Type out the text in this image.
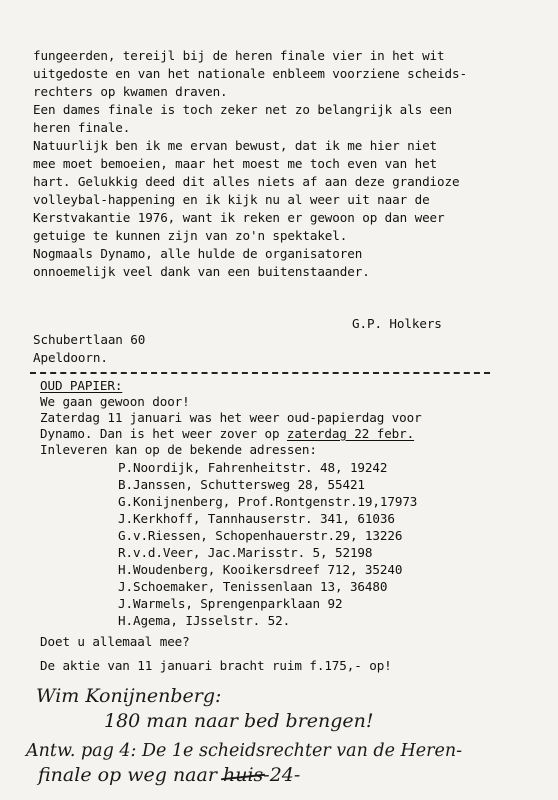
fungeerden, tereijl bij de heren finale vier in het wit
uitgedoste en van het nationale enbleem voorziene scheids-
rechters op kwamen draven.
Een dames finale is toch zeker net zo belangrijk als een
heren finale.
Natuurlijk ben ik me ervan bewust, dat ik me hier niet
mee moet bemoeien, maar het moest me toch even van het
hart. Gelukkig deed dit alles niets af aan deze grandioze
volleybal-happening en ik kijk nu al weer uit naar de
Kerstvakantie 1976, want ik reken er gewoon op dan weer
getuige te kunnen zijn van zo'n spektakel.
Nogmaals Dynamo, alle hulde de organisatoren
onnoemelijk veel dank van een buitenstaander.
G.P. Holkers
Schubertlaan 60
Apeldoorn.
OUD PAPIER:
We gaan gewoon door!
Zaterdag 11 januari was het weer oud-papierdag voor
Dynamo. Dan is het weer zover op zaterdag 22 febr.
Inleveren kan op de bekende adressen:
P.Noordijk, Fahrenheitstr. 48, 19242
B.Janssen, Schuttersweg 28, 55421
G.Konijnenberg, Prof.Rontgenstr.19,17973
J.Kerkhoff, Tannhauserstr. 341, 61036
G.v.Riessen, Schopenhauerstr.29, 13226
R.v.d.Veer, Jac.Marisstr. 5, 52198
H.Woudenberg, Kooikersdreef 712, 35240
J.Schoemaker, Tenissenlaan 13, 36480
J.Warmels, Sprengenparklaan 92
H.Agema, IJsselstr. 52.
Doet u allemaal mee?
De aktie van 11 januari bracht ruim f.175,- op!
Wim Konijnenberg:
180 man naar bed brengen!
Antw. pag 4: De 1e scheidsrechter van de Heren-
finale op weg naar huis-24-
